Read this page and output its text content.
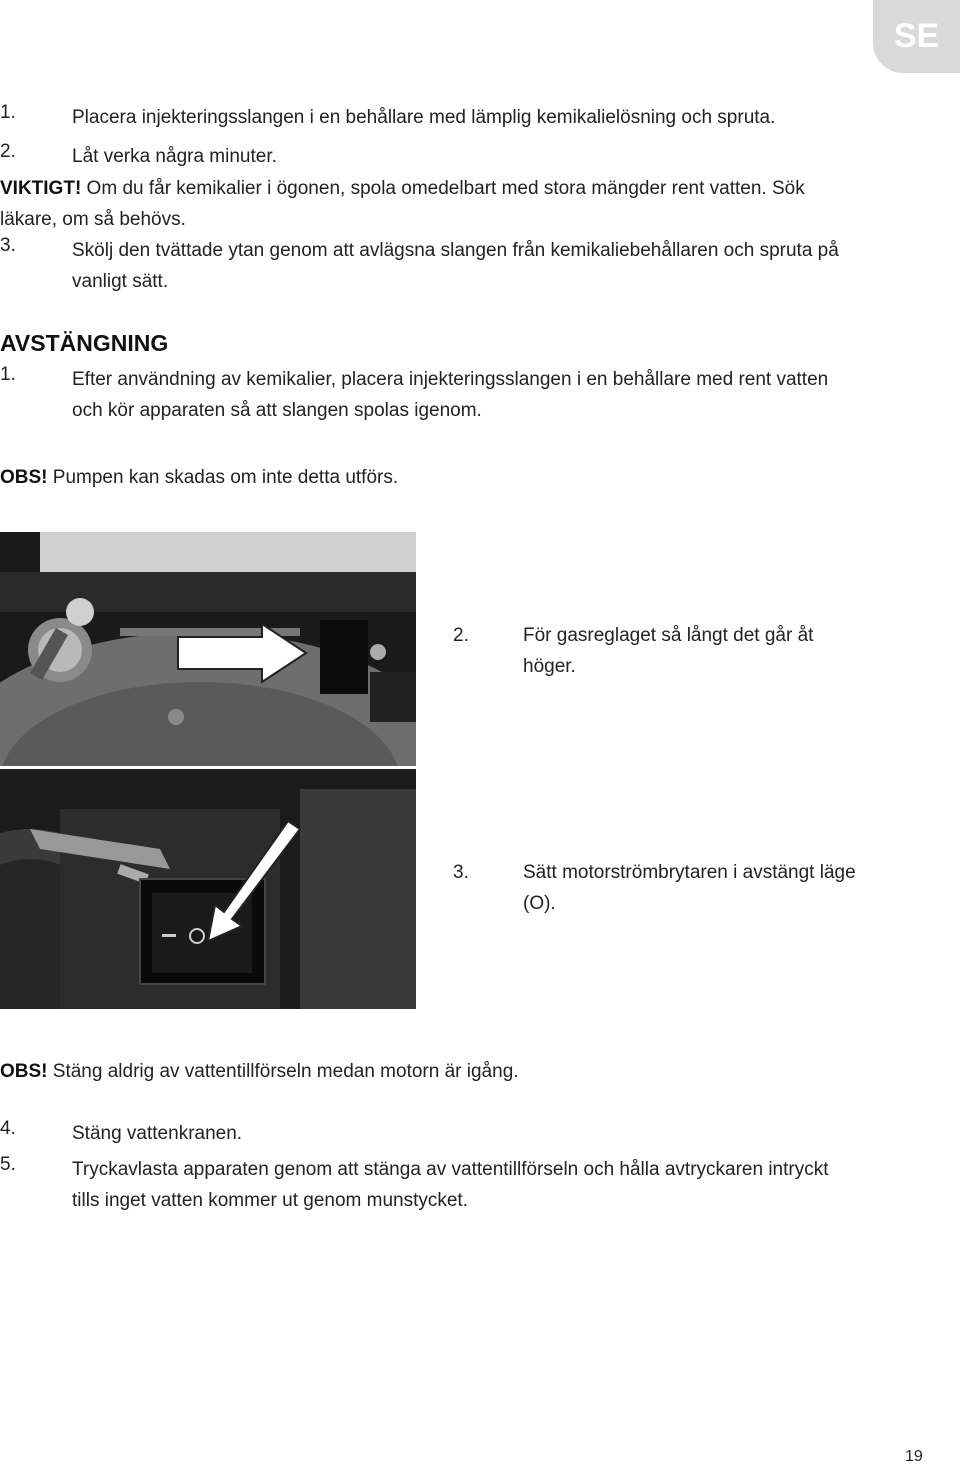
SE
1.	Placera injekteringsslangen i en behållare med lämplig kemikalielösning och spruta.
2.	Låt verka några minuter.
VIKTIGT! Om du får kemikalier i ögonen, spola omedelbart med stora mängder rent vatten. Sök
läkare, om så behövs.
3.	Skölj den tvättade ytan genom att avlägsna slangen från kemikaliebehållaren och spruta på
vanligt sätt.
AVSTÄNGNING
1.	Efter användning av kemikalier, placera injekteringsslangen i en behållare med rent vatten
och kör apparaten så att slangen spolas igenom.
OBS! Pumpen kan skadas om inte detta utförs.
2.	För gasreglaget så långt det går åt
höger.
3.	Sätt motorströmbrytaren i avstängt läge
(O).
OBS! Stäng aldrig av vattentillförseln medan motorn är igång.
4.	Stäng vattenkranen.
5.	Tryckavlasta apparaten genom att stänga av vattentillförseln och hålla avtryckaren intryckt
tills inget vatten kommer ut genom munstycket.
19
